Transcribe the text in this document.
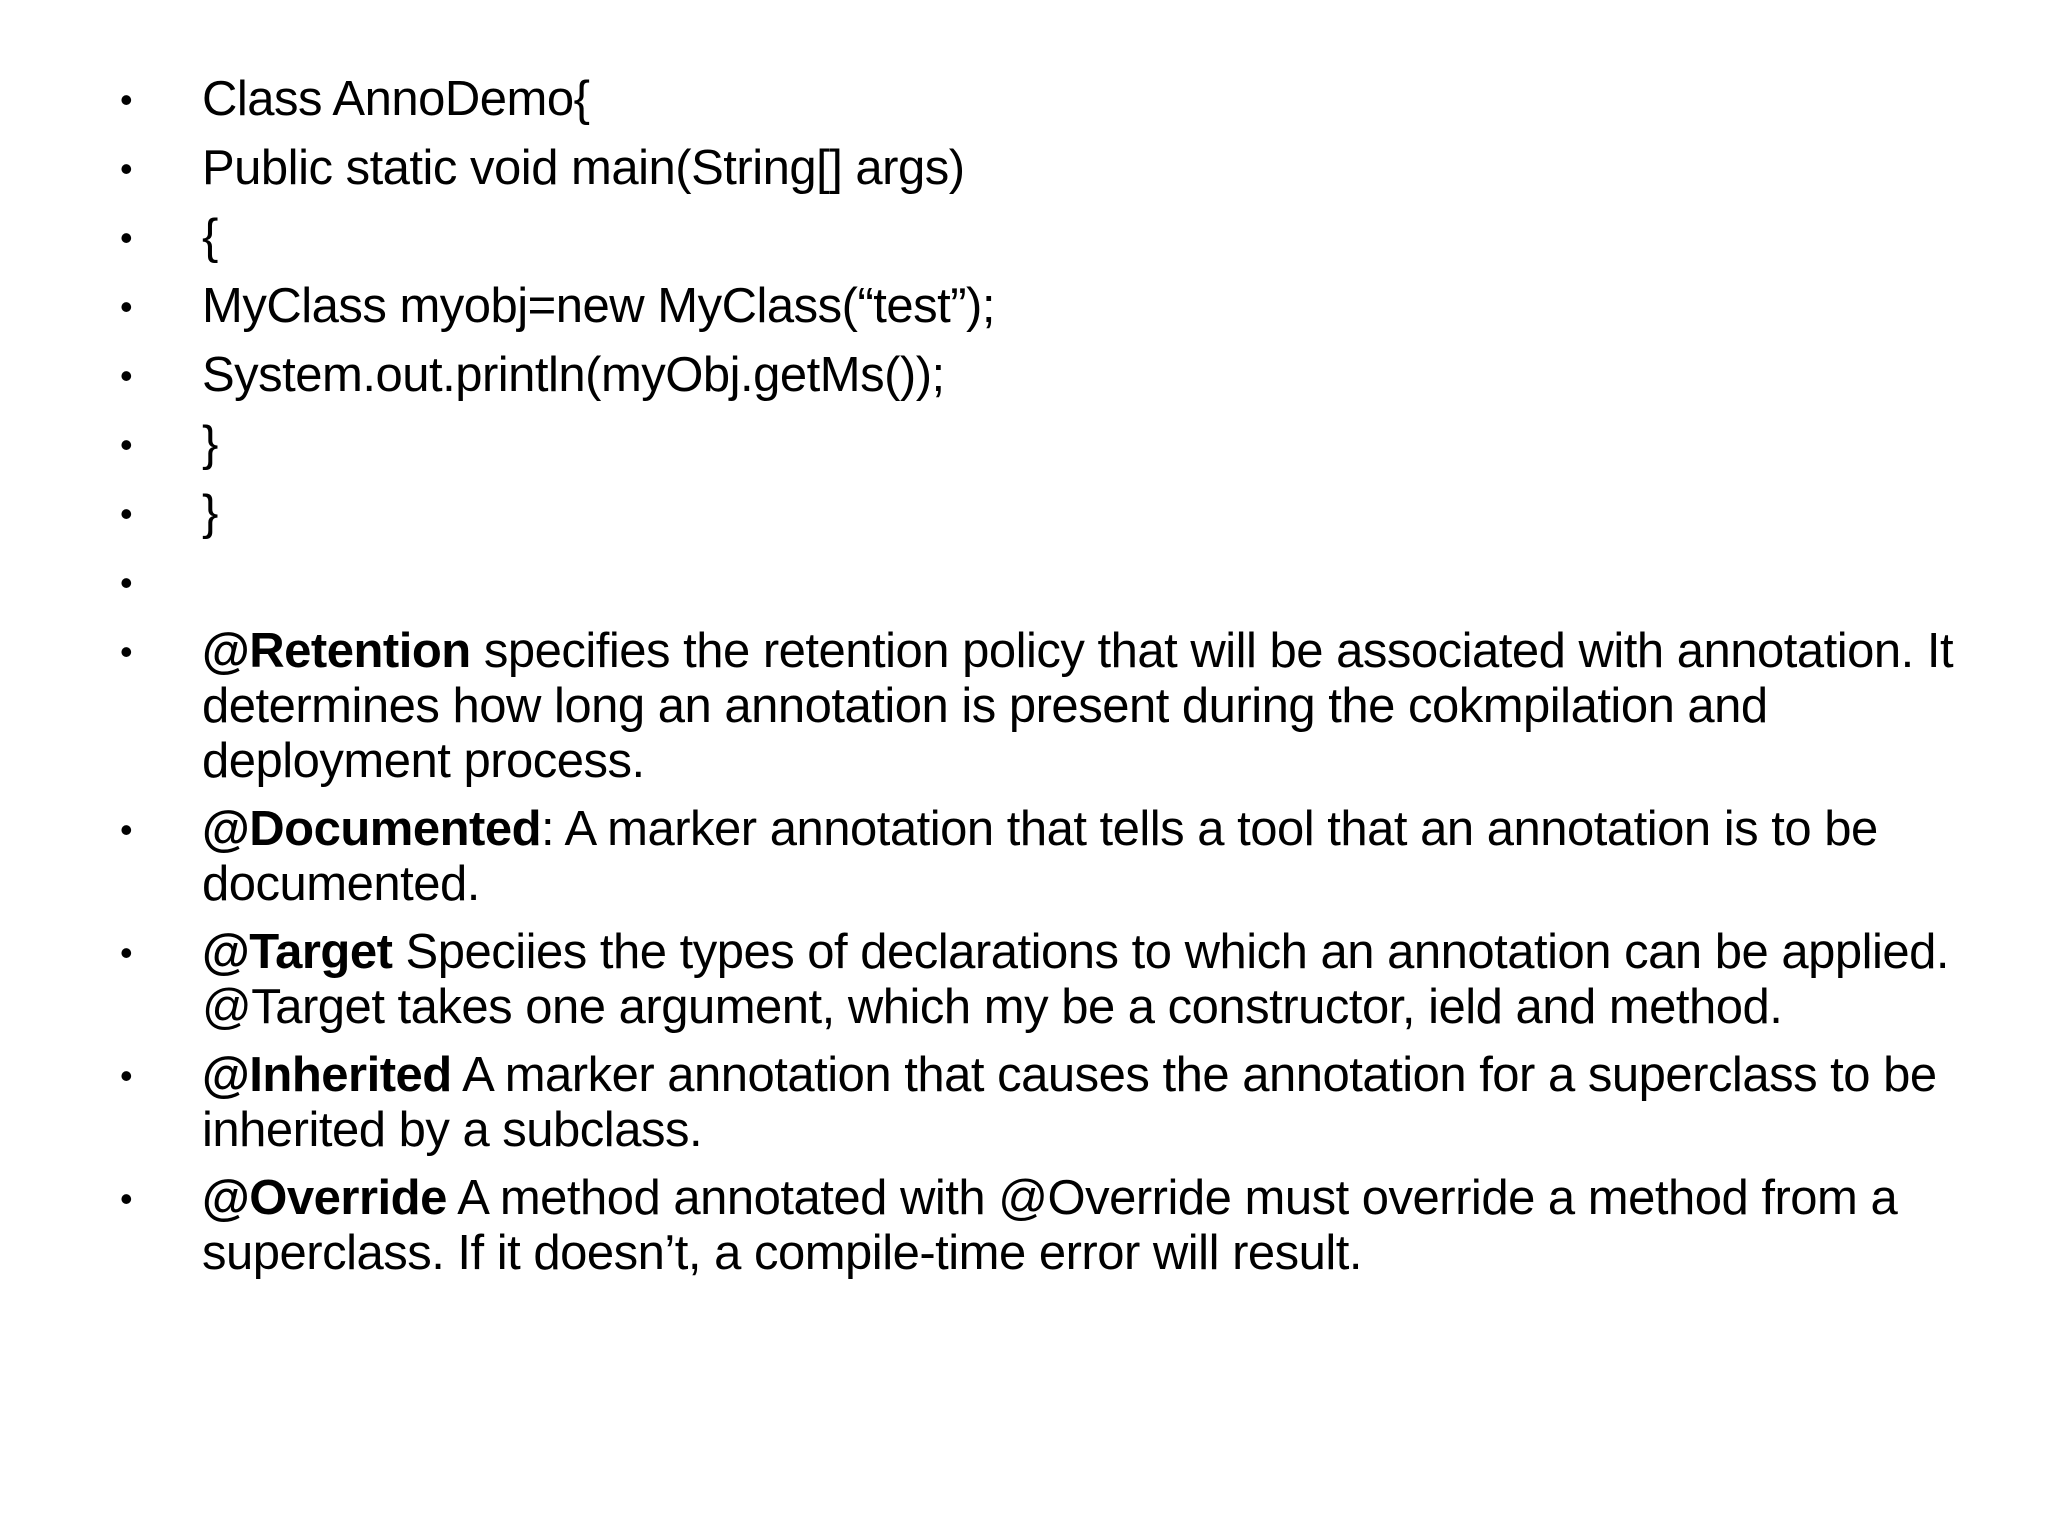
•	Class AnnoDemo{
•	Public static void main(String[] args)
•	{
•	MyClass myobj=new MyClass(“test”);
•	System.out.println(myObj.getMs());
•	}
•	}
•
•	@Retention specifies the retention policy that will be associated with annotation. It determines how long an annotation is present during the cokmpilation and deployment process.
•	@Documented: A marker annotation that tells a tool that an annotation is to be documented.
•	@Target Speciies the types of declarations to which an annotation can be applied. @Target takes one argument, which my be a constructor, ield and method.
•	@Inherited A marker annotation that causes the annotation for a superclass to be inherited by a subclass.
•	@Override A method annotated with @Override must override a method from a superclass. If it doesn’t, a compile-time error will result.
